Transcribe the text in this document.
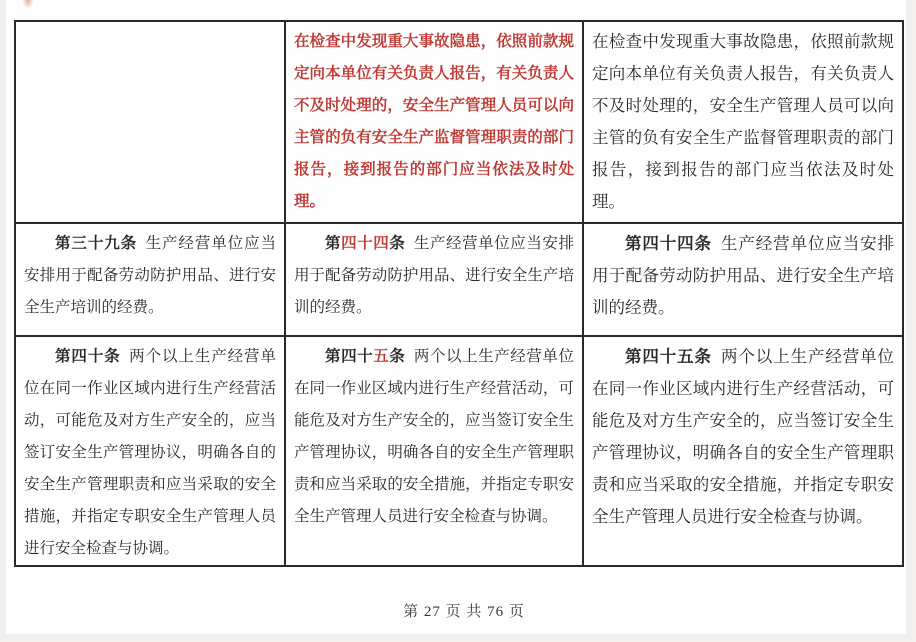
	在检查中发现重大事故隐患，依照前款规定向本单位有关负责人报告，有关负责人不及时处理的，安全生产管理人员可以向主管的负有安全生产监督管理职责的部门报告，接到报告的部门应当依法及时处理。	在检查中发现重大事故隐患，依照前款规定向本单位有关负责人报告，有关负责人不及时处理的，安全生产管理人员可以向主管的负有安全生产监督管理职责的部门报告，接到报告的部门应当依法及时处理。

第三十九条 生产经营单位应当安排用于配备劳动防护用品、进行安全生产培训的经费。	第四十四条 生产经营单位应当安排用于配备劳动防护用品、进行安全生产培训的经费。	第四十四条 生产经营单位应当安排用于配备劳动防护用品、进行安全生产培训的经费。

第四十条 两个以上生产经营单位在同一作业区域内进行生产经营活动，可能危及对方生产安全的，应当签订安全生产管理协议，明确各自的安全生产管理职责和应当采取的安全措施，并指定专职安全生产管理人员进行安全检查与协调。	第四十五条 两个以上生产经营单位在同一作业区域内进行生产经营活动，可能危及对方生产安全的，应当签订安全生产管理协议，明确各自的安全生产管理职责和应当采取的安全措施，并指定专职安全生产管理人员进行安全检查与协调。	第四十五条 两个以上生产经营单位在同一作业区域内进行生产经营活动，可能危及对方生产安全的，应当签订安全生产管理协议，明确各自的安全生产管理职责和应当采取的安全措施，并指定专职安全生产管理人员进行安全检查与协调。

第 27 页 共 76 页
